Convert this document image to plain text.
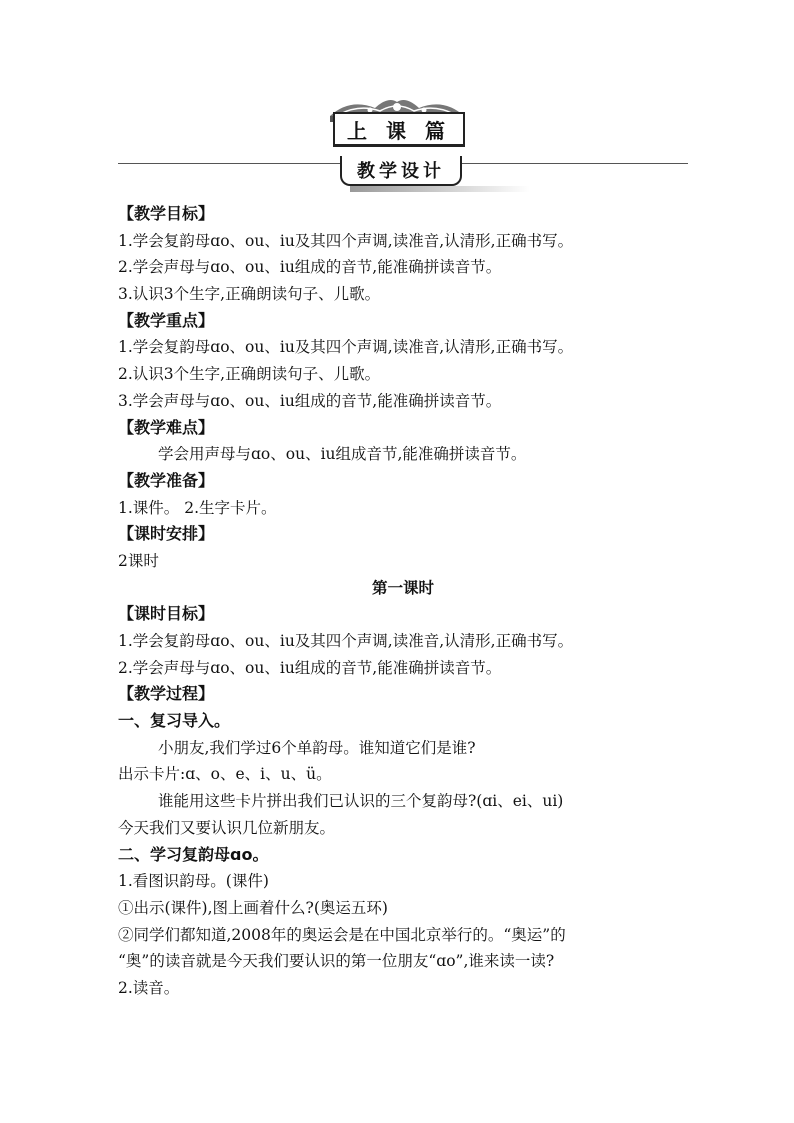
上 课 篇
教学设计
【教学目标】
1.学会复韵母ɑo、ou、iu及其四个声调,读准音,认清形,正确书写。
2.学会声母与ɑo、ou、iu组成的音节,能准确拼读音节。
3.认识3个生字,正确朗读句子、儿歌。
【教学重点】
1.学会复韵母ɑo、ou、iu及其四个声调,读准音,认清形,正确书写。
2.认识3个生字,正确朗读句子、儿歌。
3.学会声母与ɑo、ou、iu组成的音节,能准确拼读音节。
【教学难点】
学会用声母与ɑo、ou、iu组成音节,能准确拼读音节。
【教学准备】
1.课件。 2.生字卡片。
【课时安排】
2课时
第一课时
【课时目标】
1.学会复韵母ɑo、ou、iu及其四个声调,读准音,认清形,正确书写。
2.学会声母与ɑo、ou、iu组成的音节,能准确拼读音节。
【教学过程】
一、复习导入。
小朋友,我们学过6个单韵母。谁知道它们是谁?
出示卡片:ɑ、o、e、i、u、ü。
谁能用这些卡片拼出我们已认识的三个复韵母?(ɑi、ei、ui)
今天我们又要认识几位新朋友。
二、学习复韵母ɑo。
1.看图识韵母。(课件)
①出示(课件),图上画着什么?(奥运五环)
②同学们都知道,2008年的奥运会是在中国北京举行的。“奥运”的
“奥”的读音就是今天我们要认识的第一位朋友“ɑo”,谁来读一读?
2.读音。
